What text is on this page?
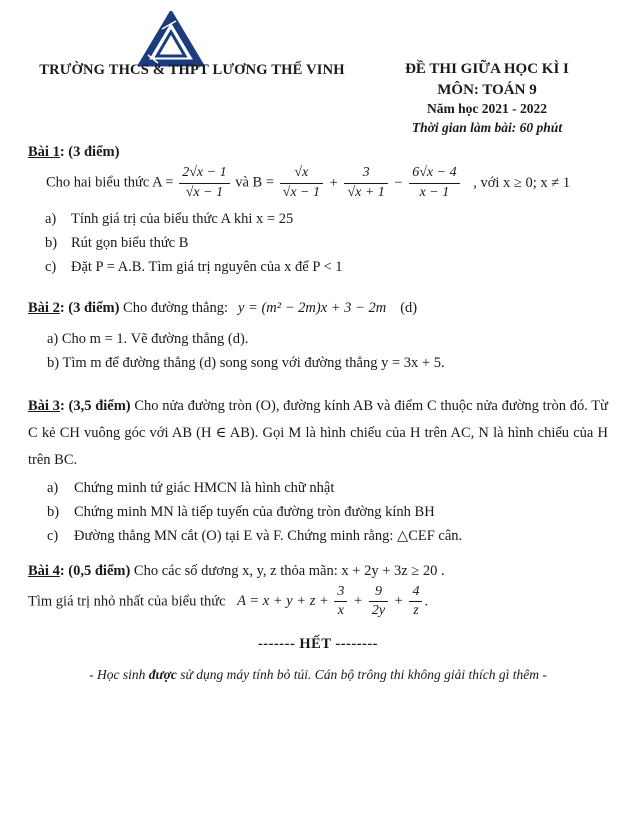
TRƯỜNG THCS & THPT LƯƠNG THẾ VINH	ĐỀ THI GIỮA HỌC KÌ I
MÔN: TOÁN 9
Năm học 2021 - 2022
Thời gian làm bài: 60 phút
Bài 1: (3 điểm)
Cho hai biểu thức $A = \frac{2√x - 1}{√x - 1}$ và $B = \frac{√x}{√x - 1} + \frac{3}{√x + 1} - \frac{6√x - 4}{x - 1}$ , với x ≥ 0; x ≠ 1
a) Tính giá trị của biểu thức A khi x = 25
b) Rút gọn biểu thức B
c) Đặt P = A.B. Tìm giá trị nguyên của x để P < 1
Bài 2: (3 điểm) Cho đường thẳng: y = (m² − 2m)x + 3 − 2m (d)
a) Cho m = 1. Vẽ đường thẳng (d).
b) Tìm m để đường thẳng (d) song song với đường thẳng y = 3x + 5.
Bài 3: (3,5 điểm) Cho nửa đường tròn (O), đường kính AB và điểm C thuộc nửa đường tròn đó. Từ C kẻ CH vuông góc với AB (H ∈ AB). Gọi M là hình chiếu của H trên AC, N là hình chiếu của H trên BC.
a) Chứng minh tứ giác HMCN là hình chữ nhật
b) Chứng minh MN là tiếp tuyến của đường tròn đường kính BH
c) Đường thẳng MN cắt (O) tại E và F. Chứng minh rằng: △CEF cân.
Bài 4: (0,5 điểm) Cho các số dương x, y, z thỏa mãn: x + 2y + 3z ≥ 20 .
Tìm giá trị nhỏ nhất của biểu thức $A = x + y + z + \frac{3}{x} + \frac{9}{2y} + \frac{4}{z}$ .
------- HẾT --------
- Học sinh được sử dụng máy tính bỏ túi. Cán bộ trông thi không giải thích gì thêm -
